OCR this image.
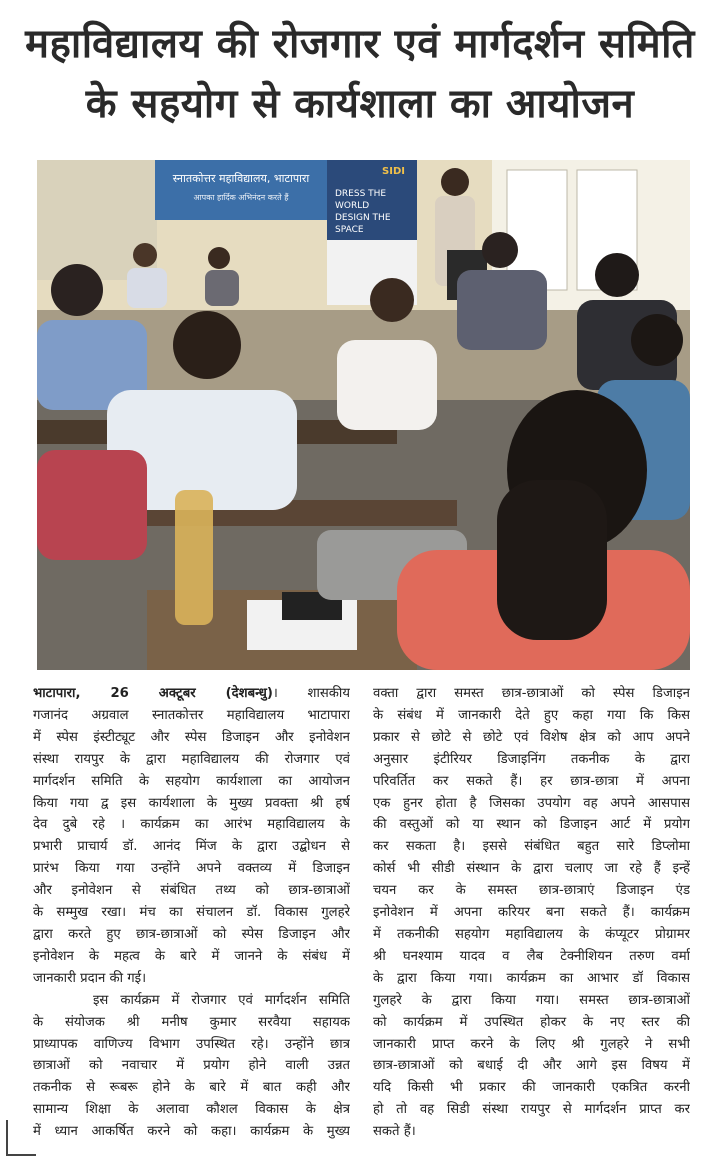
महाविद्यालय की रोजगार एवं मार्गदर्शन समिति
के सहयोग से कार्यशाला का आयोजन
स्नातकोत्तर महाविद्यालय, भाटापारा
आपका हार्दिक अभिनंदन करते हैं
SIDI
DRESS THE
WORLD
DESIGN THE
SPACE
भाटापारा, 26 अक्टूबर (देशबन्धु)। शासकीय
गजानंद अग्रवाल स्नातकोत्तर महाविद्यालय भाटापारा
में स्पेस इंस्टीट्यूट और स्पेस डिजाइन और इनोवेशन
संस्था रायपुर के द्वारा महाविद्यालय की रोजगार एवं
मार्गदर्शन समिति के सहयोग कार्यशाला का आयोजन
किया गया द्व इस कार्यशाला के मुख्य प्रवक्ता श्री हर्ष
देव दुबे रहे । कार्यक्रम का आरंभ महाविद्यालय के
प्रभारी प्राचार्य डॉ. आनंद मिंज के द्वारा उद्बोधन से
प्रारंभ किया गया उन्होंने अपने वक्तव्य में डिजाइन
और इनोवेशन से संबंधित तथ्य को छात्र-छात्राओं
के सम्मुख रखा। मंच का संचालन डॉ. विकास गुलहरे
द्वारा करते हुए छात्र-छात्राओं को स्पेस डिजाइन और
इनोवेशन के महत्व के बारे में जानने के संबंध में
जानकारी प्रदान की गई।
इस कार्यक्रम में रोजगार एवं मार्गदर्शन समिति
के संयोजक श्री मनीष कुमार सरवैया सहायक
प्राध्यापक वाणिज्य विभाग उपस्थित रहे। उन्होंने छात्र
छात्राओं को नवाचार में प्रयोग होने वाली उन्नत
तकनीक से रूबरू होने के बारे में बात कही और
सामान्य शिक्षा के अलावा कौशल विकास के क्षेत्र
में ध्यान आकर्षित करने को कहा। कार्यक्रम के मुख्य
वक्ता द्वारा समस्त छात्र-छात्राओं को स्पेस डिजाइन
के संबंध में जानकारी देते हुए कहा गया कि किस
प्रकार से छोटे से छोटे एवं विशेष क्षेत्र को आप अपने
अनुसार इंटीरियर डिजाइनिंग तकनीक के द्वारा
परिवर्तित कर सकते हैं। हर छात्र-छात्रा में अपना
एक हुनर होता है जिसका उपयोग वह अपने आसपास
की वस्तुओं को या स्थान को डिजाइन आर्ट में प्रयोग
कर सकता है। इससे संबंधित बहुत सारे डिप्लोमा
कोर्स भी सीडी संस्थान के द्वारा चलाए जा रहे हैं इन्हें
चयन कर के समस्त छात्र-छात्राएं डिजाइन एंड
इनोवेशन में अपना करियर बना सकते हैं। कार्यक्रम
में तकनीकी सहयोग महाविद्यालय के कंप्यूटर प्रोग्रामर
श्री घनश्याम यादव व लैब टेक्नीशियन तरुण वर्मा
के द्वारा किया गया। कार्यक्रम का आभार डॉ विकास
गुलहरे के द्वारा किया गया। समस्त छात्र-छात्राओं
को कार्यक्रम में उपस्थित होकर के नए स्तर की
जानकारी प्राप्त करने के लिए श्री गुलहरे ने सभी
छात्र-छात्राओं को बधाई दी और आगे इस विषय में
यदि किसी भी प्रकार की जानकारी एकत्रित करनी
हो तो वह सिडी संस्था रायपुर से मार्गदर्शन प्राप्त कर
सकते हैं।
